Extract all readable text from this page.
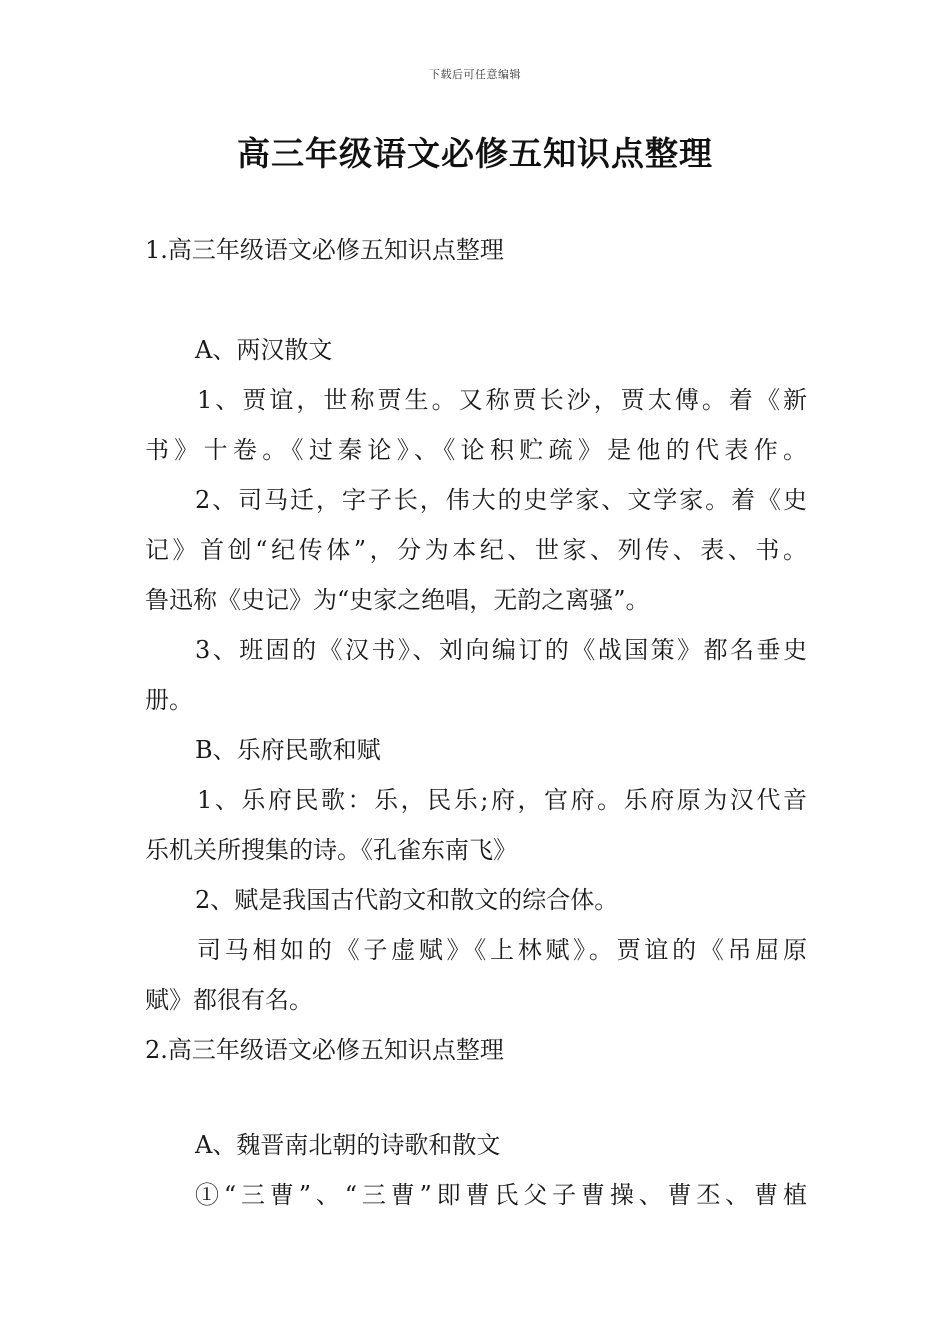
下载后可任意编辑
高三年级语文必修五知识点整理
1.高三年级语文必修五知识点整理
A、两汉散文
1、贾谊，世称贾生。又称贾长沙，贾太傅。着《新
书》十卷。《过秦论》、《论积贮疏》是他的代表作。
2、司马迁，字子长，伟大的史学家、文学家。着《史
记》首创“纪传体”，分为本纪、世家、列传、表、书。
鲁迅称《史记》为“史家之绝唱，无韵之离骚”。
3、班固的《汉书》、刘向编订的《战国策》都名垂史
册。
B、乐府民歌和赋
1、乐府民歌：乐，民乐;府，官府。乐府原为汉代音
乐机关所搜集的诗。《孔雀东南飞》
2、赋是我国古代韵文和散文的综合体。
司马相如的《子虚赋》《上林赋》。贾谊的《吊屈原
赋》都很有名。
2.高三年级语文必修五知识点整理
A、魏晋南北朝的诗歌和散文
①“三曹”、“三曹”即曹氏父子曹操、曹丕、曹植
